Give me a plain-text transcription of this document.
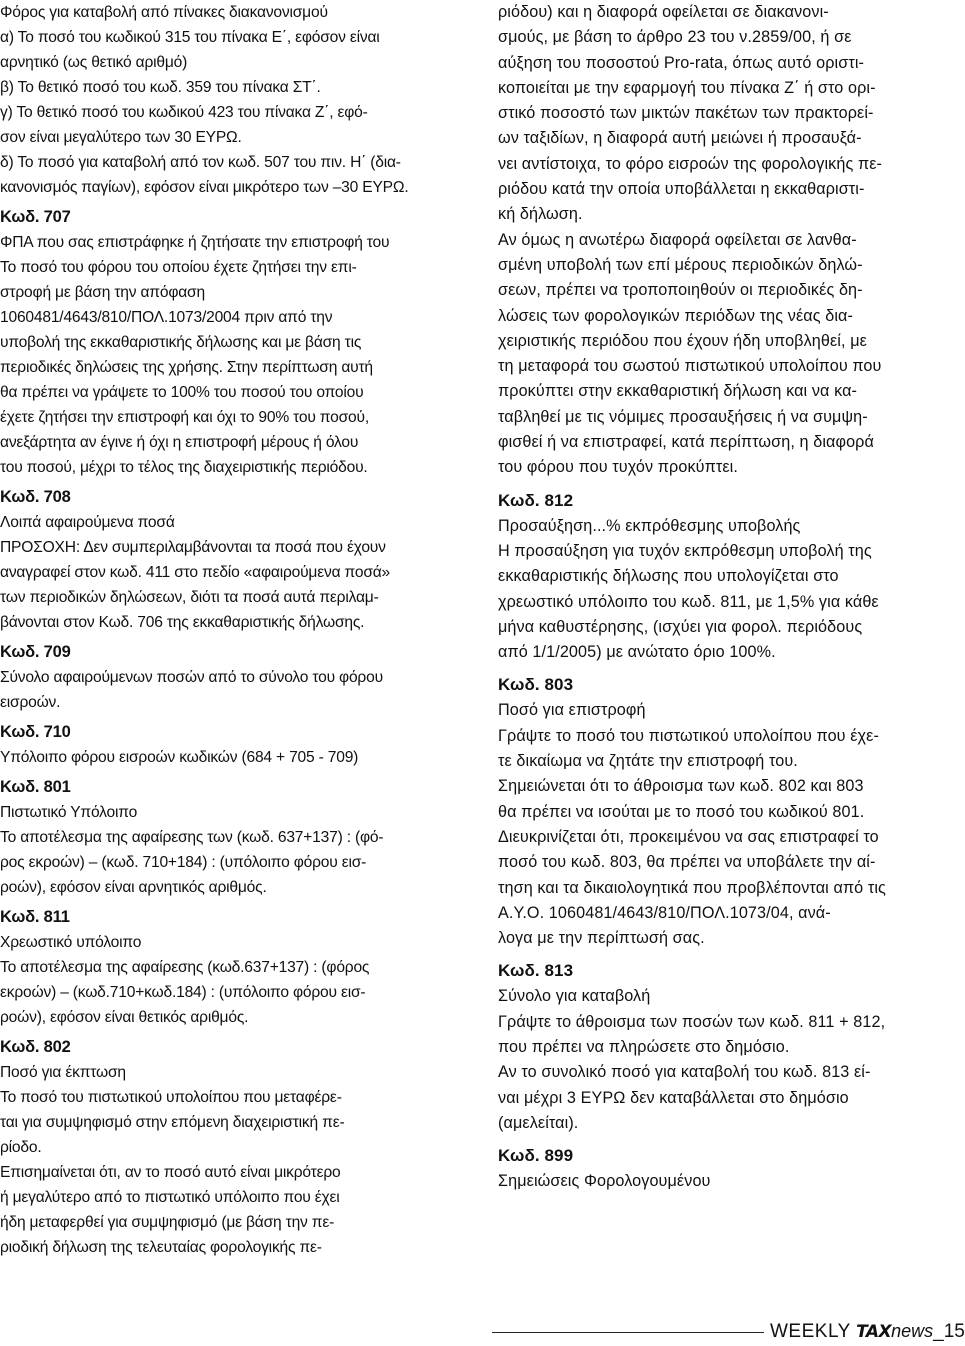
Φόρος για καταβολή από πίνακες διακανονισμού
α) Το ποσό του κωδικού 315 του πίνακα Ε΄, εφόσον είναι
αρνητικό (ως θετικό αριθμό)
β) Το θετικό ποσό του κωδ. 359 του πίνακα ΣΤ΄.
γ) Το θετικό ποσό του κωδικού 423 του πίνακα Ζ΄, εφό-
σον είναι μεγαλύτερο των 30 ΕΥΡΩ.
δ) Το ποσό για καταβολή από τον κωδ. 507 του πιν. Η΄ (δια-
κανονισμός παγίων), εφόσον είναι μικρότερο των –30 ΕΥΡΩ.
Κωδ. 707
ΦΠΑ που σας επιστράφηκε ή ζητήσατε την επιστροφή του
Το ποσό του φόρου του οποίου έχετε ζητήσει την επι-
στροφή με βάση την απόφαση
1060481/4643/810/ΠΟΛ.1073/2004 πριν από την
υποβολή της εκκαθαριστικής δήλωσης και με βάση τις
περιοδικές δηλώσεις της χρήσης. Στην περίπτωση αυτή
θα πρέπει να γράψετε το 100% του ποσού του οποίου
έχετε ζητήσει την επιστροφή και όχι το 90% του ποσού,
ανεξάρτητα αν έγινε ή όχι η επιστροφή μέρους ή όλου
του ποσού, μέχρι το τέλος της διαχειριστικής περιόδου.
Κωδ. 708
Λοιπά αφαιρούμενα ποσά
ΠΡΟΣΟΧΗ: Δεν συμπεριλαμβάνονται τα ποσά που έχουν
αναγραφεί στον κωδ. 411 στο πεδίο «αφαιρούμενα ποσά»
των περιοδικών δηλώσεων, διότι τα ποσά αυτά περιλαμ-
βάνονται στον Κωδ. 706 της εκκαθαριστικής δήλωσης.
Κωδ. 709
Σύνολο αφαιρούμενων ποσών από το σύνολο του φόρου
εισροών.
Κωδ. 710
Υπόλοιπο φόρου εισροών κωδικών (684 + 705 - 709)
Κωδ. 801
Πιστωτικό Υπόλοιπο
Το αποτέλεσμα της αφαίρεσης των (κωδ. 637+137) : (φό-
ρος εκροών) – (κωδ. 710+184) : (υπόλοιπο φόρου εισ-
ροών), εφόσον είναι αρνητικός αριθμός.
Κωδ. 811
Χρεωστικό υπόλοιπο
Το αποτέλεσμα της αφαίρεσης (κωδ.637+137) : (φόρος
εκροών) – (κωδ.710+κωδ.184) : (υπόλοιπο φόρου εισ-
ροών), εφόσον είναι θετικός αριθμός.
Κωδ. 802
Ποσό για έκπτωση
Το ποσό του πιστωτικού υπολοίπου που μεταφέρε-
ται για συμψηφισμό στην επόμενη διαχειριστική πε-
ρίοδο.
Επισημαίνεται ότι, αν το ποσό αυτό είναι μικρότερο
ή μεγαλύτερο από το πιστωτικό υπόλοιπο που έχει
ήδη μεταφερθεί για συμψηφισμό (με βάση την πε-
ριοδική δήλωση της τελευταίας φορολογικής πε-
ριόδου) και η διαφορά οφείλεται σε διακανονι-
σμούς, με βάση το άρθρο 23 του ν.2859/00, ή σε
αύξηση του ποσοστού Pro-rata, όπως αυτό οριστι-
κοποιείται με την εφαρμογή του πίνακα Ζ΄ ή στο ορι-
στικό ποσοστό των μικτών πακέτων των πρακτορεί-
ων ταξιδίων, η διαφορά αυτή μειώνει ή προσαυξά-
νει αντίστοιχα, το φόρο εισροών της φορολογικής πε-
ριόδου κατά την οποία υποβάλλεται η εκκαθαριστι-
κή δήλωση.
Αν όμως η ανωτέρω διαφορά οφείλεται σε λανθα-
σμένη υποβολή των επί μέρους περιοδικών δηλώ-
σεων, πρέπει να τροποποιηθούν οι περιοδικές δη-
λώσεις των φορολογικών περιόδων της νέας δια-
χειριστικής περιόδου που έχουν ήδη υποβληθεί, με
τη μεταφορά του σωστού πιστωτικού υπολοίπου που
προκύπτει στην εκκαθαριστική δήλωση και να κα-
ταβληθεί με τις νόμιμες προσαυξήσεις ή να συμψη-
φισθεί ή να επιστραφεί, κατά περίπτωση, η διαφορά
του φόρου που τυχόν προκύπτει.
Κωδ. 812
Προσαύξηση...% εκπρόθεσμης υποβολής
Η προσαύξηση για τυχόν εκπρόθεσμη υποβολή της
εκκαθαριστικής δήλωσης που υπολογίζεται στο
χρεωστικό υπόλοιπο του κωδ. 811, με 1,5% για κάθε
μήνα καθυστέρησης, (ισχύει για φορολ. περιόδους
από 1/1/2005) με ανώτατο όριο 100%.
Κωδ. 803
Ποσό για επιστροφή
Γράψτε το ποσό του πιστωτικού υπολοίπου που έχε-
τε δικαίωμα να ζητάτε την επιστροφή του.
Σημειώνεται ότι το άθροισμα των κωδ. 802 και 803
θα πρέπει να ισούται με το ποσό του κωδικού 801.
Διευκρινίζεται ότι, προκειμένου να σας επιστραφεί το
ποσό του κωδ. 803, θα πρέπει να υποβάλετε την αί-
τηση και τα δικαιολογητικά που προβλέπονται από τις
Α.Υ.Ο. 1060481/4643/810/ΠΟΛ.1073/04, ανά-
λογα με την περίπτωσή σας.
Κωδ. 813
Σύνολο για καταβολή
Γράψτε το άθροισμα των ποσών των κωδ. 811 + 812,
που πρέπει να πληρώσετε στο δημόσιο.
Αν το συνολικό ποσό για καταβολή του κωδ. 813 εί-
ναι μέχρι 3 ΕΥΡΩ δεν καταβάλλεται στο δημόσιο
(αμελείται).
Κωδ. 899
Σημειώσεις Φορολογουμένου
WEEKLY TAXnews_15
